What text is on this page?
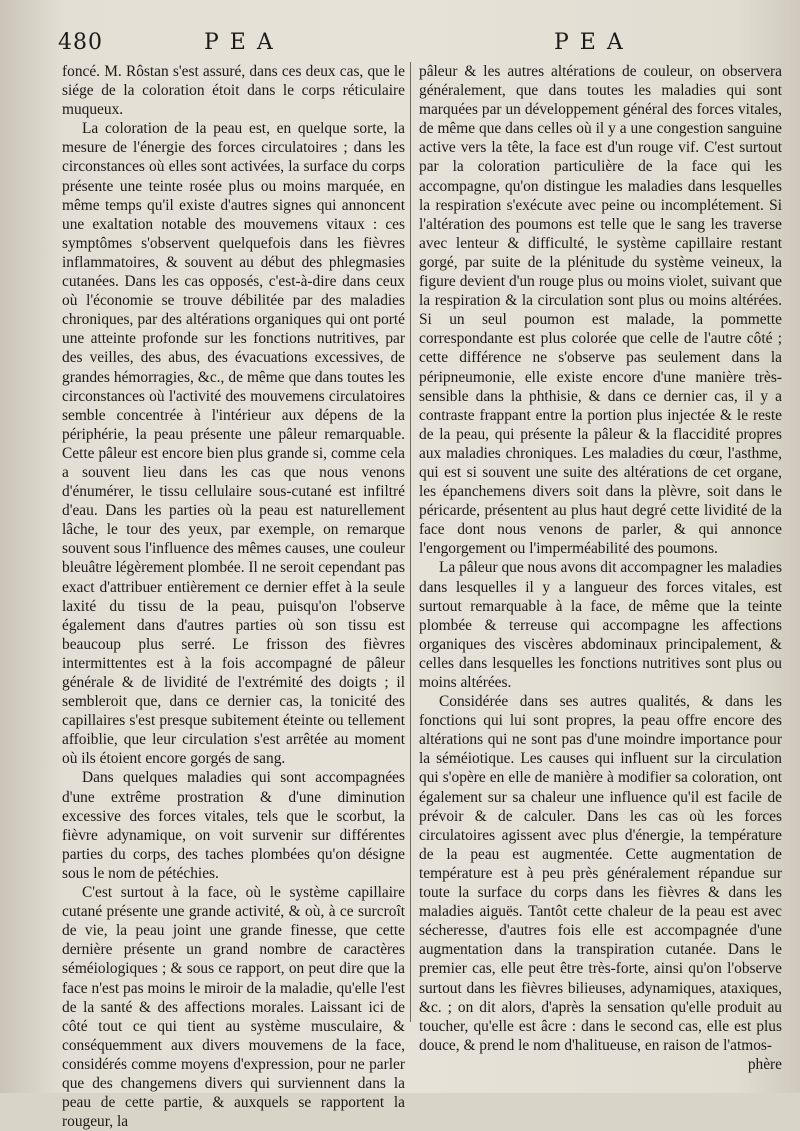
480	PEA	PEA

foncé. M. Rôstan s'est assuré, dans ces deux cas, que le siége de la coloration étoit dans le corps réticulaire muqueux.

La coloration de la peau est, en quelque sorte, la mesure de l'énergie des forces circulatoires ; dans les circonstances où elles sont activées, la surface du corps présente une teinte rosée plus ou moins marquée, en même temps qu'il existe d'autres signes qui annoncent une exaltation notable des mouvemens vitaux : ces symptômes s'observent quelquefois dans les fièvres inflammatoires, & souvent au début des phlegmasies cutanées. Dans les cas opposés, c'est-à-dire dans ceux où l'économie se trouve débilitée par des maladies chroniques, par des altérations organiques qui ont porté une atteinte profonde sur les fonctions nutritives, par des veilles, des abus, des évacuations excessives, de grandes hémorragies, &c., de même que dans toutes les circonstances où l'activité des mouvemens circulatoires semble concentrée à l'intérieur aux dépens de la périphérie, la peau présente une pâleur remarquable. Cette pâleur est encore bien plus grande si, comme cela a souvent lieu dans les cas que nous venons d'énumérer, le tissu cellulaire sous-cutané est infiltré d'eau. Dans les parties où la peau est naturellement lâche, le tour des yeux, par exemple, on remarque souvent sous l'influence des mêmes causes, une couleur bleuâtre légèrement plombée. Il ne seroit cependant pas exact d'attribuer entièrement ce dernier effet à la seule laxité du tissu de la peau, puisqu'on l'observe également dans d'autres parties où son tissu est beaucoup plus serré. Le frisson des fièvres intermittentes est à la fois accompagné de pâleur générale & de lividité de l'extrémité des doigts ; il sembleroit que, dans ce dernier cas, la tonicité des capillaires s'est presque subitement éteinte ou tellement affoiblie, que leur circulation s'est arrêtée au moment où ils étoient encore gorgés de sang.

Dans quelques maladies qui sont accompagnées d'une extrême prostration & d'une diminution excessive des forces vitales, tels que le scorbut, la fièvre adynamique, on voit survenir sur différentes parties du corps, des taches plombées qu'on désigne sous le nom de pétéchies.

C'est surtout à la face, où le système capillaire cutané présente une grande activité, & où, à ce surcroît de vie, la peau joint une grande finesse, que cette dernière présente un grand nombre de caractères séméiologiques ; & sous ce rapport, on peut dire que la face n'est pas moins le miroir de la maladie, qu'elle l'est de la santé & des affections morales. Laissant ici de côté tout ce qui tient au système musculaire, & conséquemment aux divers mouvemens de la face, considérés comme moyens d'expression, pour ne parler que des changemens divers qui surviennent dans la peau de cette partie, & auxquels se rapportent la rougeur, la

pâleur & les autres altérations de couleur, on observera généralement, que dans toutes les maladies qui sont marquées par un développement général des forces vitales, de même que dans celles où il y a une congestion sanguine active vers la tête, la face est d'un rouge vif. C'est surtout par la coloration particulière de la face qui les accompagne, qu'on distingue les maladies dans lesquelles la respiration s'exécute avec peine ou incomplétement. Si l'altération des poumons est telle que le sang les traverse avec lenteur & difficulté, le système capillaire restant gorgé, par suite de la plénitude du système veineux, la figure devient d'un rouge plus ou moins violet, suivant que la respiration & la circulation sont plus ou moins altérées. Si un seul poumon est malade, la pommette correspondante est plus colorée que celle de l'autre côté ; cette différence ne s'observe pas seulement dans la péripneumonie, elle existe encore d'une manière très-sensible dans la phthisie, & dans ce dernier cas, il y a contraste frappant entre la portion plus injectée & le reste de la peau, qui présente la pâleur & la flaccidité propres aux maladies chroniques. Les maladies du cœur, l'asthme, qui est si souvent une suite des altérations de cet organe, les épanchemens divers soit dans la plèvre, soit dans le péricarde, présentent au plus haut degré cette lividité de la face dont nous venons de parler, & qui annonce l'engorgement ou l'imperméabilité des poumons.

La pâleur que nous avons dit accompagner les maladies dans lesquelles il y a langueur des forces vitales, est surtout remarquable à la face, de même que la teinte plombée & terreuse qui accompagne les affections organiques des viscères abdominaux principalement, & celles dans lesquelles les fonctions nutritives sont plus ou moins altérées.

Considérée dans ses autres qualités, & dans les fonctions qui lui sont propres, la peau offre encore des altérations qui ne sont pas d'une moindre importance pour la séméiotique. Les causes qui influent sur la circulation qui s'opère en elle de manière à modifier sa coloration, ont également sur sa chaleur une influence qu'il est facile de prévoir & de calculer. Dans les cas où les forces circulatoires agissent avec plus d'énergie, la température de la peau est augmentée. Cette augmentation de température est à peu près généralement répandue sur toute la surface du corps dans les fièvres & dans les maladies aiguës. Tantôt cette chaleur de la peau est avec sécheresse, d'autres fois elle est accompagnée d'une augmentation dans la transpiration cutanée. Dans le premier cas, elle peut être très-forte, ainsi qu'on l'observe surtout dans les fièvres bilieuses, adynamiques, ataxiques, &c. ; on dit alors, d'après la sensation qu'elle produit au toucher, qu'elle est âcre : dans le second cas, elle est plus douce, & prend le nom d'halitueuse, en raison de l'atmos-

phère
